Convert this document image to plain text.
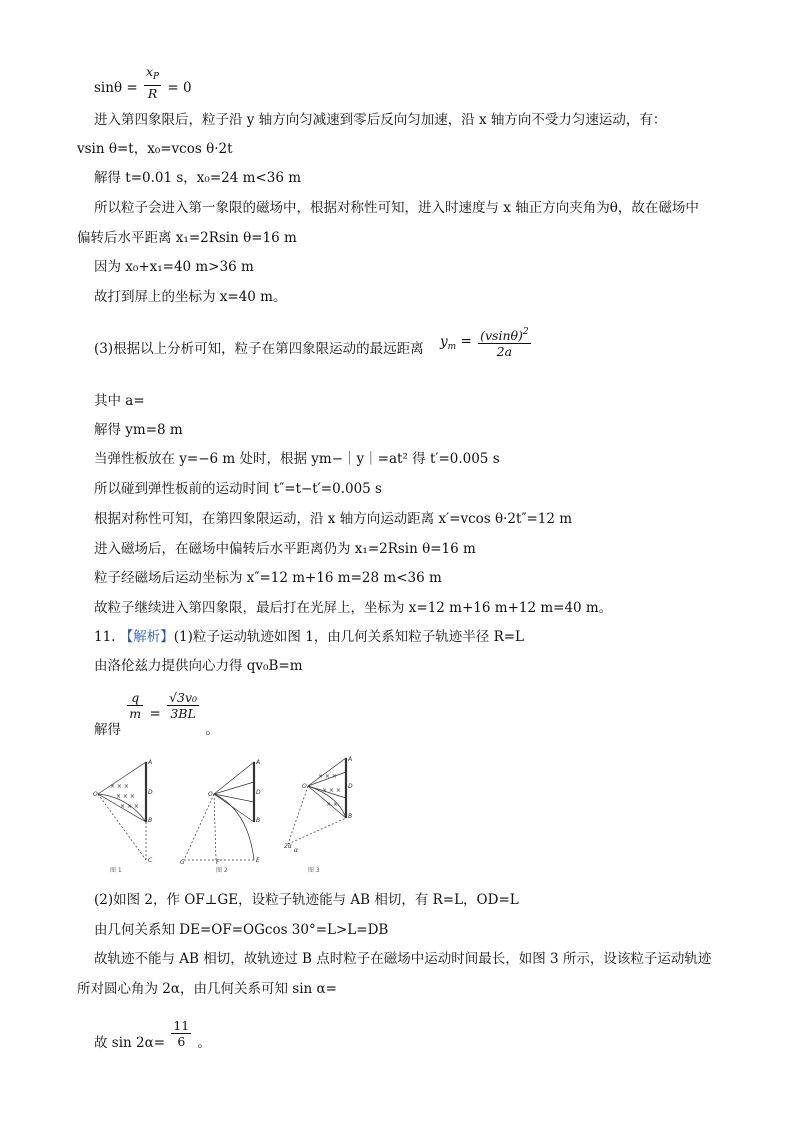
$\sin\theta = \frac{x_P}{R} = 0$
进入第四象限后，粒子沿 y 轴方向匀减速到零后反向匀加速，沿 x 轴方向不受力匀速运动，有：
vsin θ=t，x₀=vcos θ·2t
解得 t=0.01 s，x₀=24 m<36 m
所以粒子会进入第一象限的磁场中，根据对称性可知，进入时速度与 x 轴正方向夹角为θ，故在磁场中
偏转后水平距离 x₁=2Rsin θ=16 m
因为 x₀+x₁=40 m>36 m
故打到屏上的坐标为 x=40 m。
(3)根据以上分析可知，粒子在第四象限运动的最远距离 $y_m = \frac{(vsin\theta)^2}{2a}$
其中 a=
解得 ym=8 m
当弹性板放在 y=−6 m 处时，根据 ym−｜y｜=at² 得 t′=0.005 s
所以碰到弹性板前的运动时间 t″=t−t′=0.005 s
根据对称性可知，在第四象限运动，沿 x 轴方向运动距离 x′=vcos θ·2t″=12 m
进入磁场后，在磁场中偏转后水平距离仍为 x₁=2Rsin θ=16 m
粒子经磁场后运动坐标为 x″=12 m+16 m=28 m<36 m
故粒子继续进入第四象限，最后打在光屏上，坐标为 x=12 m+16 m+12 m=40 m。
11. 【解析】(1)粒子运动轨迹如图 1，由几何关系知粒子轨迹半径 R=L
由洛伦兹力提供向心力得 qv₀B=m
解得
$\frac{q}{m} = \frac{\text{√3v₀}}{3BL}$
。
× × ×
× × ×
× × ×
O
A
D
B
C
图 1
O
A
D
B
G	F	E
图 2
× × ×
× × ×
× ×
O
A
D
B
2α
α
图 3
(2)如图 2，作 OF⊥GE，设粒子轨迹能与 AB 相切，有 R=L，OD=L
由几何关系知 DE=OF=OGcos 30°=L>L=DB
故轨迹不能与 AB 相切，故轨迹过 B 点时粒子在磁场中运动时间最长，如图 3 所示，设该粒子运动轨迹
所对圆心角为 2α，由几何关系可知 sin α=
故 $\sin 2\alpha= \frac{11}{6}$ 。
